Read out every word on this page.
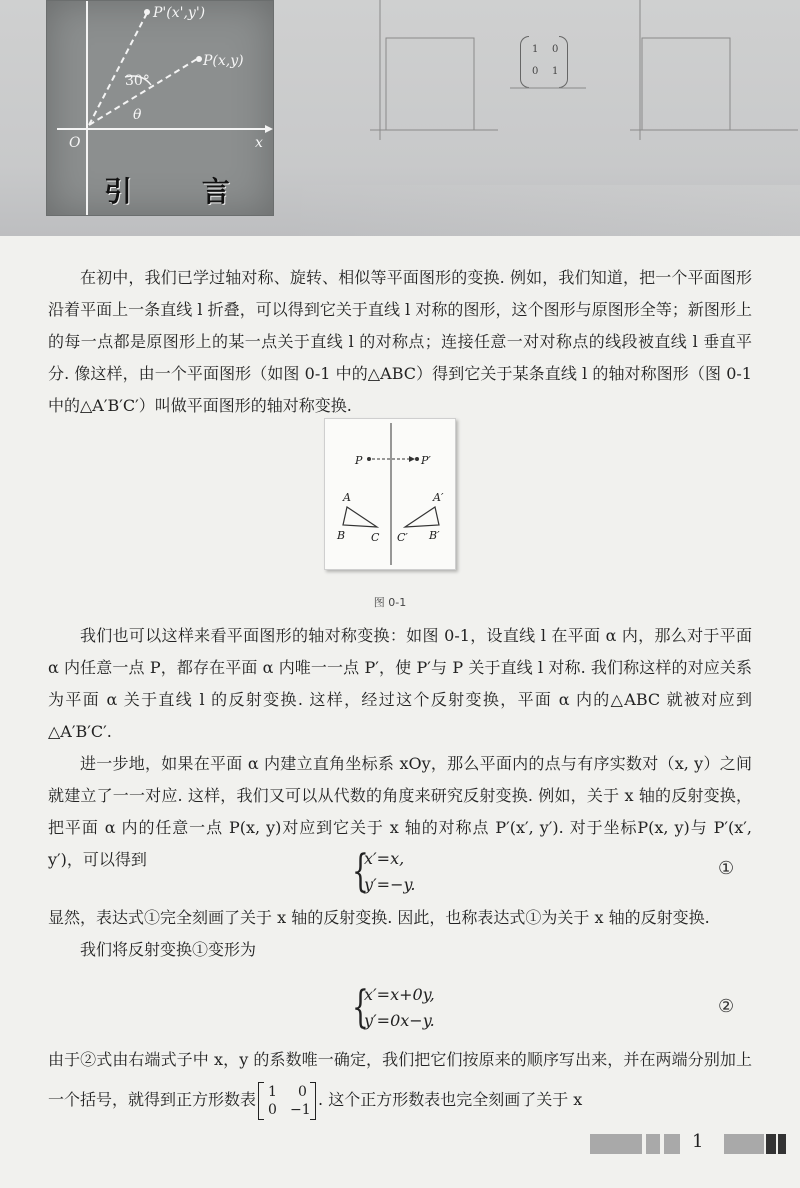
P'(x',y')
P(x,y)
30°
θ
O	x
引 言
1 0
0 1

在初中，我们已学过轴对称、旋转、相似等平面图形的变换. 例如，我们知道，把一个平面图形沿着平面上一条直线 l 折叠，可以得到它关于直线 l 对称的图形，这个图形与原图形全等；新图形上的每一点都是原图形上的某一点关于直线 l 的对称点；连接任意一对对称点的线段被直线 l 垂直平分. 像这样，由一个平面图形（如图 0-1 中的△ABC）得到它关于某条直线 l 的轴对称图形（图 0-1 中的△A′B′C′）叫做平面图形的轴对称变换.

P	P′
A
B C
A′
B′
C′
图 0-1

我们也可以这样来看平面图形的轴对称变换：如图 0-1，设直线 l 在平面 α 内，那么对于平面 α 内任意一点 P，都存在平面 α 内唯一一点 P′，使 P′与 P 关于直线 l 对称. 我们称这样的对应关系为平面 α 关于直线 l 的反射变换. 这样，经过这个反射变换，平面 α 内的△ABC 就被对应到△A′B′C′.

进一步地，如果在平面 α 内建立直角坐标系 xOy，那么平面内的点与有序实数对（x, y）之间就建立了一一对应. 这样，我们又可以从代数的角度来研究反射变换. 例如，关于 x 轴的反射变换，把平面 α 内的任意一点 P(x, y)对应到它关于 x 轴的对称点 P′(x′, y′). 对于坐标P(x, y)与 P′(x′, y′)，可以得到	{
x′=x,
y′=−y.
①

显然，表达式①完全刻画了关于 x 轴的反射变换. 因此，也称表达式①为关于 x 轴的反射变换.

我们将反射变换①变形为

{
x′=x+0y,
y′=0x−y.
②

由于②式由右端式子中 x，y 的系数唯一确定，我们把它们按原来的顺序写出来，并在两端分别加上一个括号，就得到正方形数表 1 0
0 −1
. 这个正方形数表也完全刻画了关于 x

1
